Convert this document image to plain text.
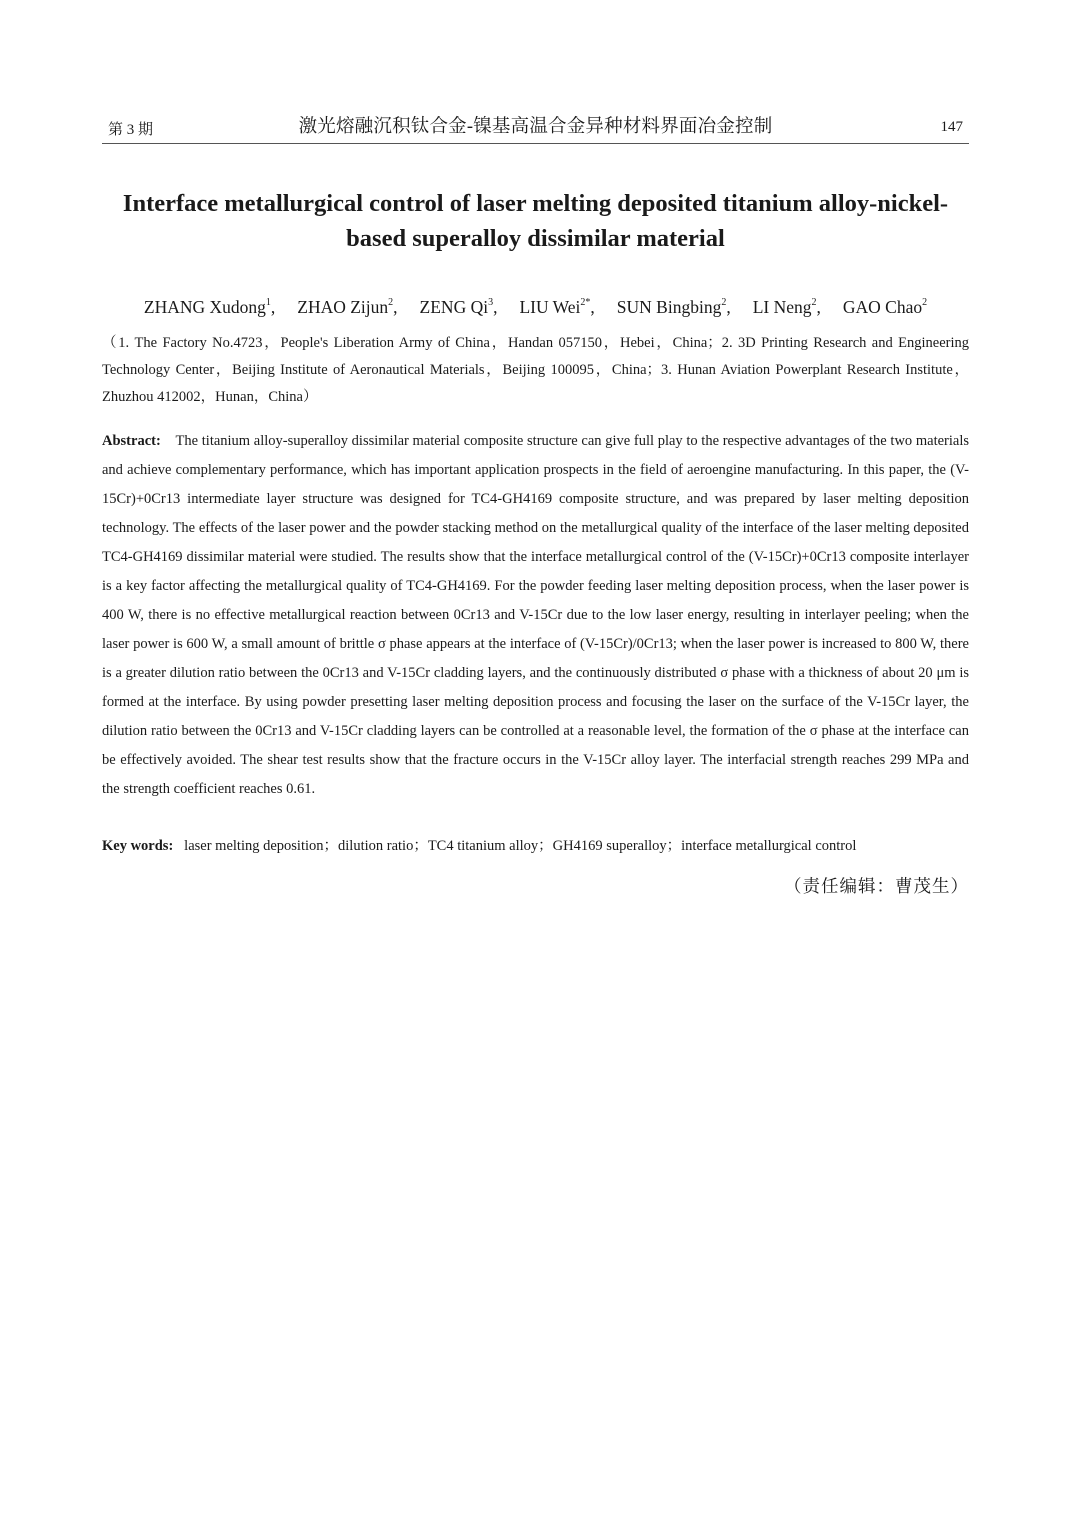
第 3 期	激光熔融沉积钛合金-镍基高温合金异种材料界面冶金控制	147
Interface metallurgical control of laser melting deposited titanium alloy-nickel-
based superalloy dissimilar material
ZHANG Xudong$^1$, ZHAO Zijun$^2$, ZENG Qi$^3$, LIU Wei$^{2*}$, SUN Bingbing$^2$, LI Neng$^2$, GAO Chao$^2$
（1. The Factory No.4723，People's Liberation Army of China，Handan 057150，Hebei，China；2. 3D Printing Research and Engineering Technology Center，Beijing Institute of Aeronautical Materials，Beijing 100095，China；3. Hunan Aviation Powerplant Research Institute，Zhuzhou 412002，Hunan，China）
Abstract: The titanium alloy-superalloy dissimilar material composite structure can give full play to the respective advantages of the two materials and achieve complementary performance, which has important application prospects in the field of aeroengine manufacturing. In this paper, the (V-15Cr)+0Cr13 intermediate layer structure was designed for TC4-GH4169 composite structure, and was prepared by laser melting deposition technology. The effects of the laser power and the powder stacking method on the metallurgical quality of the interface of the laser melting deposited TC4-GH4169 dissimilar material were studied. The results show that the interface metallurgical control of the (V-15Cr)+0Cr13 composite interlayer is a key factor affecting the metallurgical quality of TC4-GH4169. For the powder feeding laser melting deposition process, when the laser power is 400 W, there is no effective metallurgical reaction between 0Cr13 and V-15Cr due to the low laser energy, resulting in interlayer peeling; when the laser power is 600 W, a small amount of brittle σ phase appears at the interface of (V-15Cr)/0Cr13; when the laser power is increased to 800 W, there is a greater dilution ratio between the 0Cr13 and V-15Cr cladding layers, and the continuously distributed σ phase with a thickness of about 20 μm is formed at the interface. By using powder presetting laser melting deposition process and focusing the laser on the surface of the V-15Cr layer, the dilution ratio between the 0Cr13 and V-15Cr cladding layers can be controlled at a reasonable level, the formation of the σ phase at the interface can be effectively avoided. The shear test results show that the fracture occurs in the V-15Cr alloy layer. The interfacial strength reaches 299 MPa and the strength coefficient reaches 0.61.
Key words: laser melting deposition；dilution ratio；TC4 titanium alloy；GH4169 superalloy；interface metallurgical control
（责任编辑：曹茂生）
